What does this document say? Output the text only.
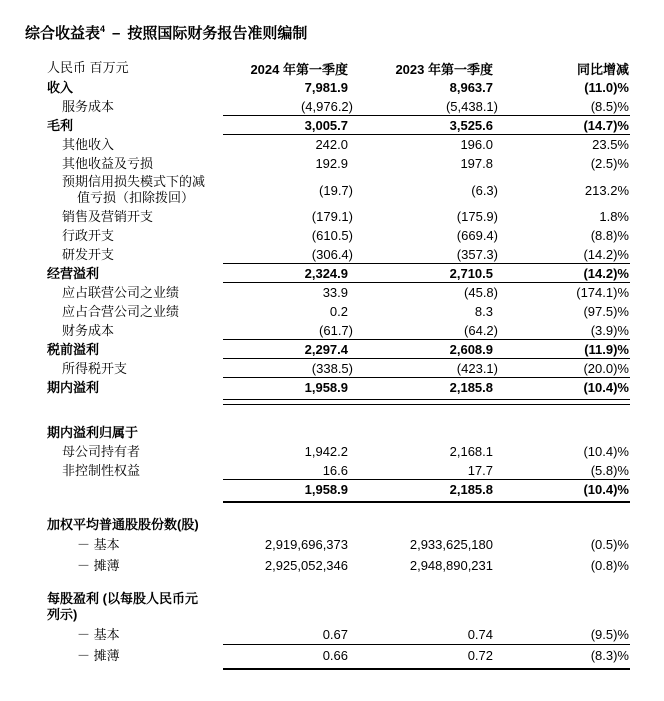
综合收益表$^4$ – 按照国际财务报告准则编制
人民币 百万元	2024 年第一季度	2023 年第一季度	同比增减
收入	7,981.9	8,963.7	(11.0)%
服务成本	(4,976.2)	(5,438.1)	(8.5)%
毛利	3,005.7	3,525.6	(14.7)%
其他收入	242.0	196.0	23.5%
其他收益及亏损	192.9	197.8	(2.5)%
预期信用损失模式下的减
值亏损（扣除拨回）	(19.7)	(6.3)	213.2%
销售及营销开支	(179.1)	(175.9)	1.8%
行政开支	(610.5)	(669.4)	(8.8)%
研发开支	(306.4)	(357.3)	(14.2)%
经营溢利	2,324.9	2,710.5	(14.2)%
应占联营公司之业绩	33.9	(45.8)	(174.1)%
应占合营公司之业绩	0.2	8.3	(97.5)%
财务成本	(61.7)	(64.2)	(3.9)%
税前溢利	2,297.4	2,608.9	(11.9)%
所得税开支	(338.5)	(423.1)	(20.0)%
期内溢利	1,958.9	2,185.8	(10.4)%
期内溢利归属于
母公司持有者	1,942.2	2,168.1	(10.4)%
非控制性权益	16.6	17.7	(5.8)%
1,958.9	2,185.8	(10.4)%
加权平均普通股股份数(股)
－ 基本	2,919,696,373	2,933,625,180	(0.5)%
－ 摊薄	2,925,052,346	2,948,890,231	(0.8)%
每股盈利 (以每股人民币元
列示)
－ 基本	0.67	0.74	(9.5)%
－ 摊薄	0.66	0.72	(8.3)%
